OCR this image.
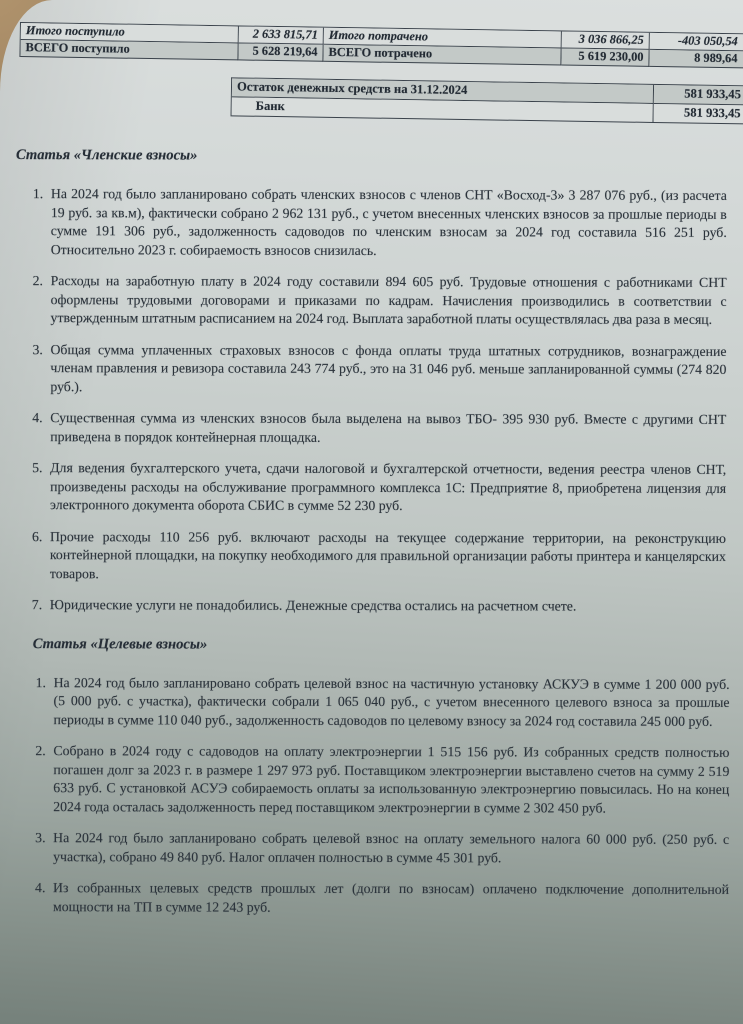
Итого поступило	2 633 815,71 Итого потрачено	3 036 866,25	-403 050,54
ВСЕГО поступило	5 628 219,64 ВСЕГО потрачено	5 619 230,00	8 989,64
Остаток денежных средств на 31.12.2024	581 933,45
Банк	581 933,45
Статья «Членские взносы»
1. На 2024 год было запланировано собрать членских взносов с членов СНТ «Восход-3» 3 287 076 руб., (из расчета 19 руб. за кв.м), фактически собрано 2 962 131 руб., с учетом внесенных членских взносов за прошлые периоды в сумме 191 306 руб., задолженность садоводов по членским взносам за 2024 год составила 516 251 руб. Относительно 2023 г. собираемость взносов снизилась.
2. Расходы на заработную плату в 2024 году составили 894 605 руб. Трудовые отношения с работниками СНТ оформлены трудовыми договорами и приказами по кадрам. Начисления производились в соответствии с утвержденным штатным расписанием на 2024 год. Выплата заработной платы осуществлялась два раза в месяц.
3. Общая сумма уплаченных страховых взносов с фонда оплаты труда штатных сотрудников, вознаграждение членам правления и ревизора составила 243 774 руб., это на 31 046 руб. меньше запланированной суммы (274 820 руб.).
4. Существенная сумма из членских взносов была выделена на вывоз ТБО- 395 930 руб. Вместе с другими СНТ приведена в порядок контейнерная площадка.
5. Для ведения бухгалтерского учета, сдачи налоговой и бухгалтерской отчетности, ведения реестра членов СНТ, произведены расходы на обслуживание программного комплекса 1С: Предприятие 8, приобретена лицензия для электронного документа оборота СБИС в сумме 52 230 руб.
6. Прочие расходы 110 256 руб. включают расходы на текущее содержание территории, на реконструкцию контейнерной площадки, на покупку необходимого для правильной организации работы принтера и канцелярских товаров.
7. Юридические услуги не понадобились. Денежные средства остались на расчетном счете.
Статья «Целевые взносы»
1. На 2024 год было запланировано собрать целевой взнос на частичную установку АСКУЭ в сумме 1 200 000 руб. (5 000 руб. с участка), фактически собрали 1 065 040 руб., с учетом внесенного целевого взноса за прошлые периоды в сумме 110 040 руб., задолженность садоводов по целевому взносу за 2024 год составила 245 000 руб.
2. Собрано в 2024 году с садоводов на оплату электроэнергии 1 515 156 руб. Из собранных средств полностью погашен долг за 2023 г. в размере 1 297 973 руб. Поставщиком электроэнергии выставлено счетов на сумму 2 519 633 руб. С установкой АСУЭ собираемость оплаты за использованную электроэнергию повысилась. Но на конец 2024 года осталась задолженность перед поставщиком электроэнергии в сумме 2 302 450 руб.
3. На 2024 год было запланировано собрать целевой взнос на оплату земельного налога 60 000 руб. (250 руб. с участка), собрано 49 840 руб. Налог оплачен полностью в сумме 45 301 руб.
4. Из собранных целевых средств прошлых лет (долги по взносам) оплачено подключение дополнительной мощности на ТП в сумме 12 243 руб.
